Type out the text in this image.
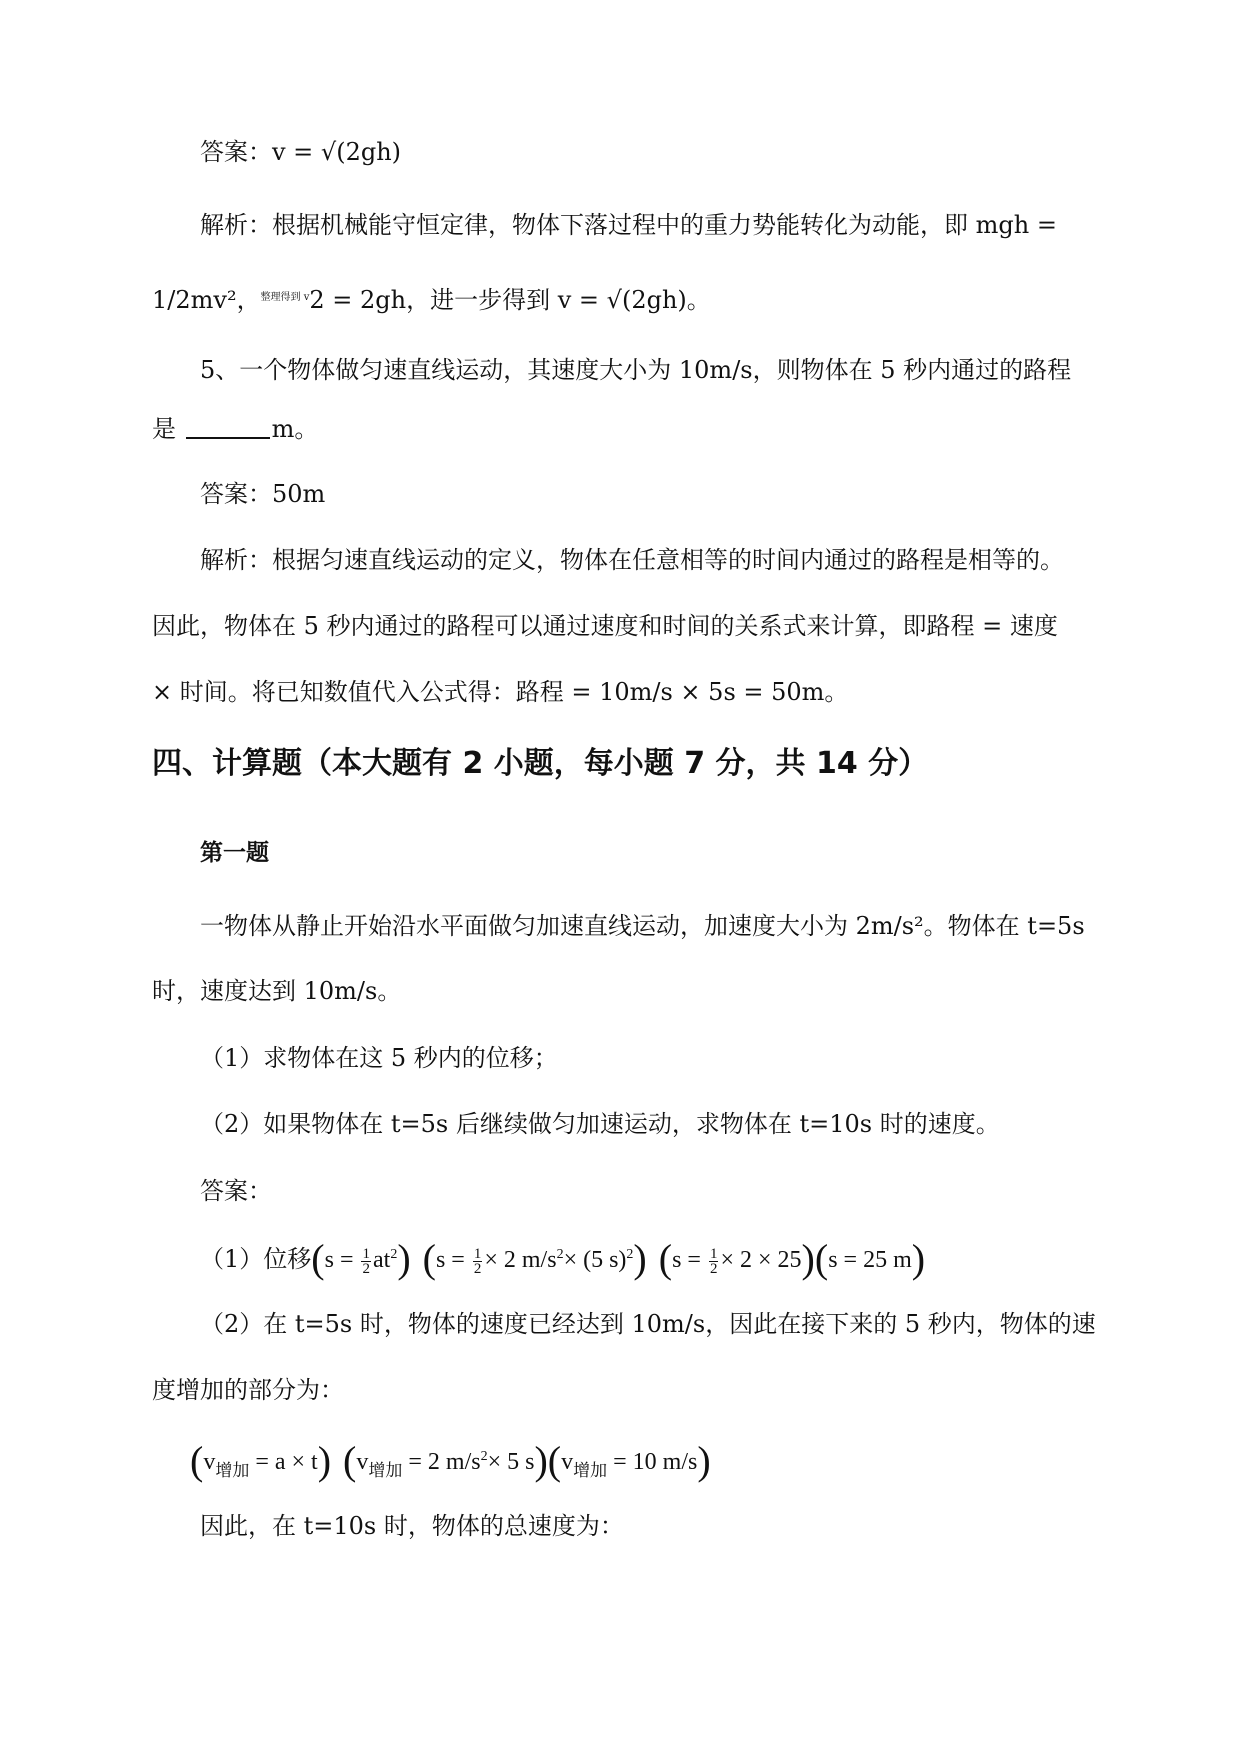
答案：v = √(2gh)
解析：根据机械能守恒定律，物体下落过程中的重力势能转化为动能，即 mgh =
1/2mv²，$^{整理得到 v}$2 = 2gh，进一步得到 v = √(2gh)。
5、一个物体做匀速直线运动，其速度大小为 10m/s，则物体在 5 秒内通过的路程
是	m。
答案：50m
解析：根据匀速直线运动的定义，物体在任意相等的时间内通过的路程是相等的。
因此，物体在 5 秒内通过的路程可以通过速度和时间的关系式来计算，即路程 = 速度
× 时间。将已知数值代入公式得：路程 = 10m/s × 5s = 50m。
四、计算题（本大题有 2 小题，每小题 7 分，共 14 分）
第一题
一物体从静止开始沿水平面做匀加速直线运动，加速度大小为 2m/s²。物体在 t=5s
时，速度达到 10m/s。
（1）求物体在这 5 秒内的位移；
（2）如果物体在 t=5s 后继续做匀加速运动，求物体在 t=10s 时的速度。
答案：
（1）位移$(s = \frac{1}{2} at^2)$ ($s = \frac{1}{2} \times 2$ $m/s^2\times (5$ s)$^2$) $(s = \frac{1}{2} \times 2 \times 25)(s = 25$ m)
（2）在 t=5s 时，物体的速度已经达到 10m/s，因此在接下来的 5 秒内，物体的速
度增加的部分为：
$(v_{增加} = a \times t) (v_{增加} = 2$ $m/s^2\times 5$ $s)(v_{增加} = 10$ m/s)
因此，在 t=10s 时，物体的总速度为：
